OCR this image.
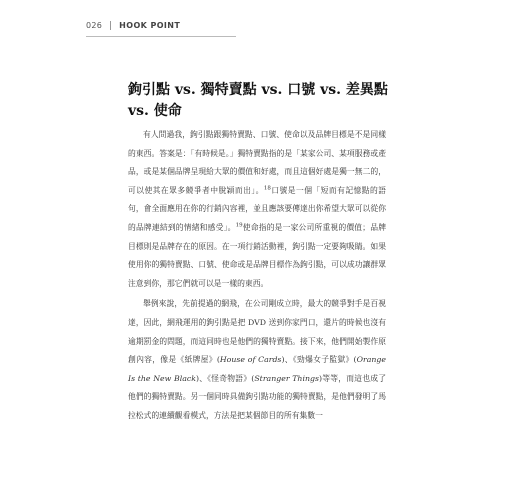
026 HOOK POINT
鉤引點 vs. 獨特賣點 vs. 口號 vs. 差異點 vs. 使命

有人問過我，鉤引點跟獨特賣點、口號、使命以及品牌目標是不是同樣的東西。答案是：「有時候是。」獨特賣點指的是「某家公司、某項服務或產品，或是某個品牌呈現給大眾的價值和好處，而且這個好處是獨一無二的，可以使其在眾多競爭者中脫穎而出」。$^{18}$口號是一個「短而有記憶點的語句，會全面應用在你的行銷內容裡，並且應該要傳達出你希望大眾可以從你的品牌連結到的情緒和感受」。$^{19}$使命指的是一家公司所重視的價值；品牌目標則是品牌存在的原因。在一項行銷活動裡，鉤引點一定要夠吸睛。如果使用你的獨特賣點、口號、使命或是品牌目標作為鉤引點，可以成功讓群眾注意到你，那它們就可以是一樣的東西。

舉例來說，先前提過的網飛，在公司剛成立時，最大的競爭對手是百視達，因此，網飛運用的鉤引點是把 DVD 送到你家門口，還片的時候也沒有逾期罰金的問題，而這同時也是他們的獨特賣點。接下來，他們開始製作原創內容，像是《紙牌屋》(House of Cards)、《勁爆女子監獄》(Orange Is the New Black)、《怪奇物語》(Stranger Things)等等，而這也成了他們的獨特賣點。另一個同時具備鉤引點功能的獨特賣點，是他們發明了馬拉松式的連續觀看模式，方法是把某個節目的所有集數一
